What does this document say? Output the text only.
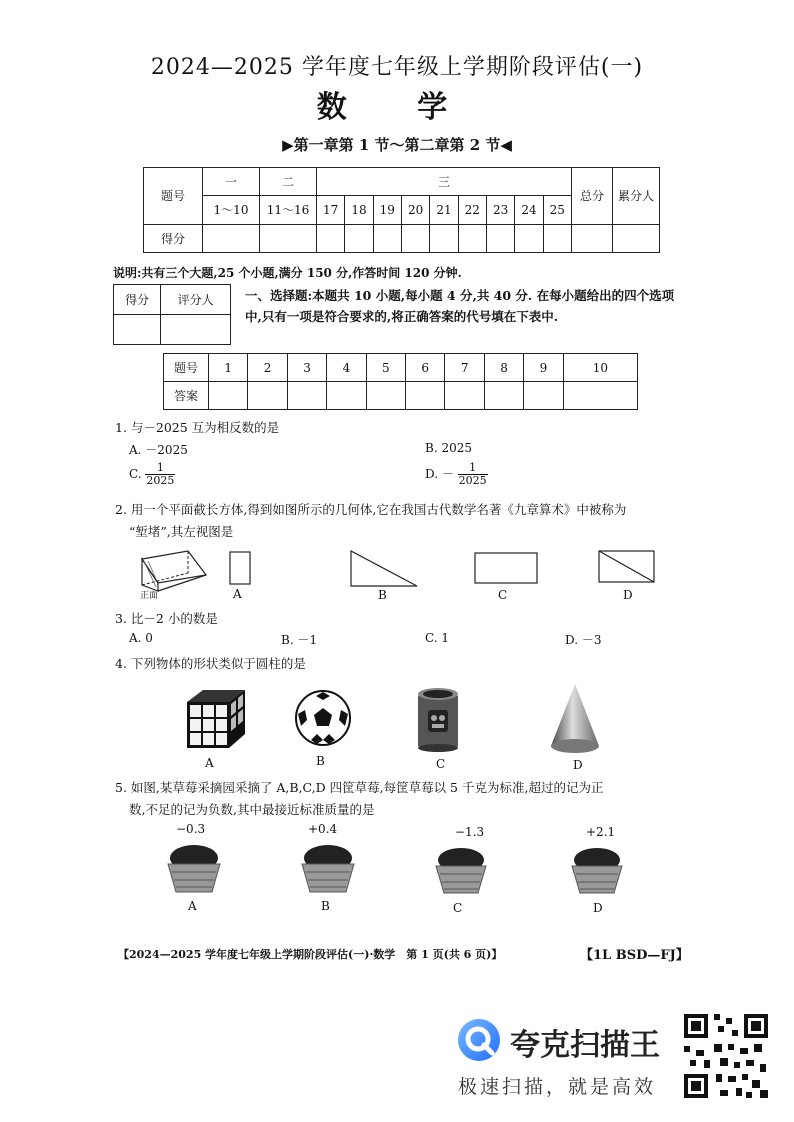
2024—2025 学年度七年级上学期阶段评估(一)
数 学
▶第一章第 1 节～第二章第 2 节◀
题号	一	二	三									总分	累分人
	1～10	11～16	17	18	19	20	21	22	23	24	25		
得分													
说明:共有三个大题,25 个小题,满分 150 分,作答时间 120 分钟.
得分	评分人
		一、选择题:本题共 10 小题,每小题 4 分,共 40 分. 在每小题给出的四个选项中,只有一项是符合要求的,将正确答案的代号填在下表中.
题号	1	2	3	4	5	6	7	8	9	10
答案										
1. 与－2025 互为相反数的是
A. －2025	B. 2025
C. $\frac{1}{2025}$	D. － $\frac{1}{2025}$
2. 用一个平面截长方体,得到如图所示的几何体,它在我国古代数学名著《九章算术》中被称为
“堑堵”,其左视图是
正面	A	B	C	D
3. 比－2 小的数是
A. 0	B. －1	C. 1	D. －3
4. 下列物体的形状类似于圆柱的是
A	B	C	D
5. 如图,某草莓采摘园采摘了 A,B,C,D 四筐草莓,每筐草莓以 5 千克为标准,超过的记为正
数,不足的记为负数,其中最接近标准质量的是
−0.3	+0.4	−1.3	+2.1
A	B	C	D
【2024—2025 学年度七年级上学期阶段评估(一)·数学　第 1 页(共 6 页)】	【1L BSD—FJ】
夸克扫描王
极速扫描，就是高效
